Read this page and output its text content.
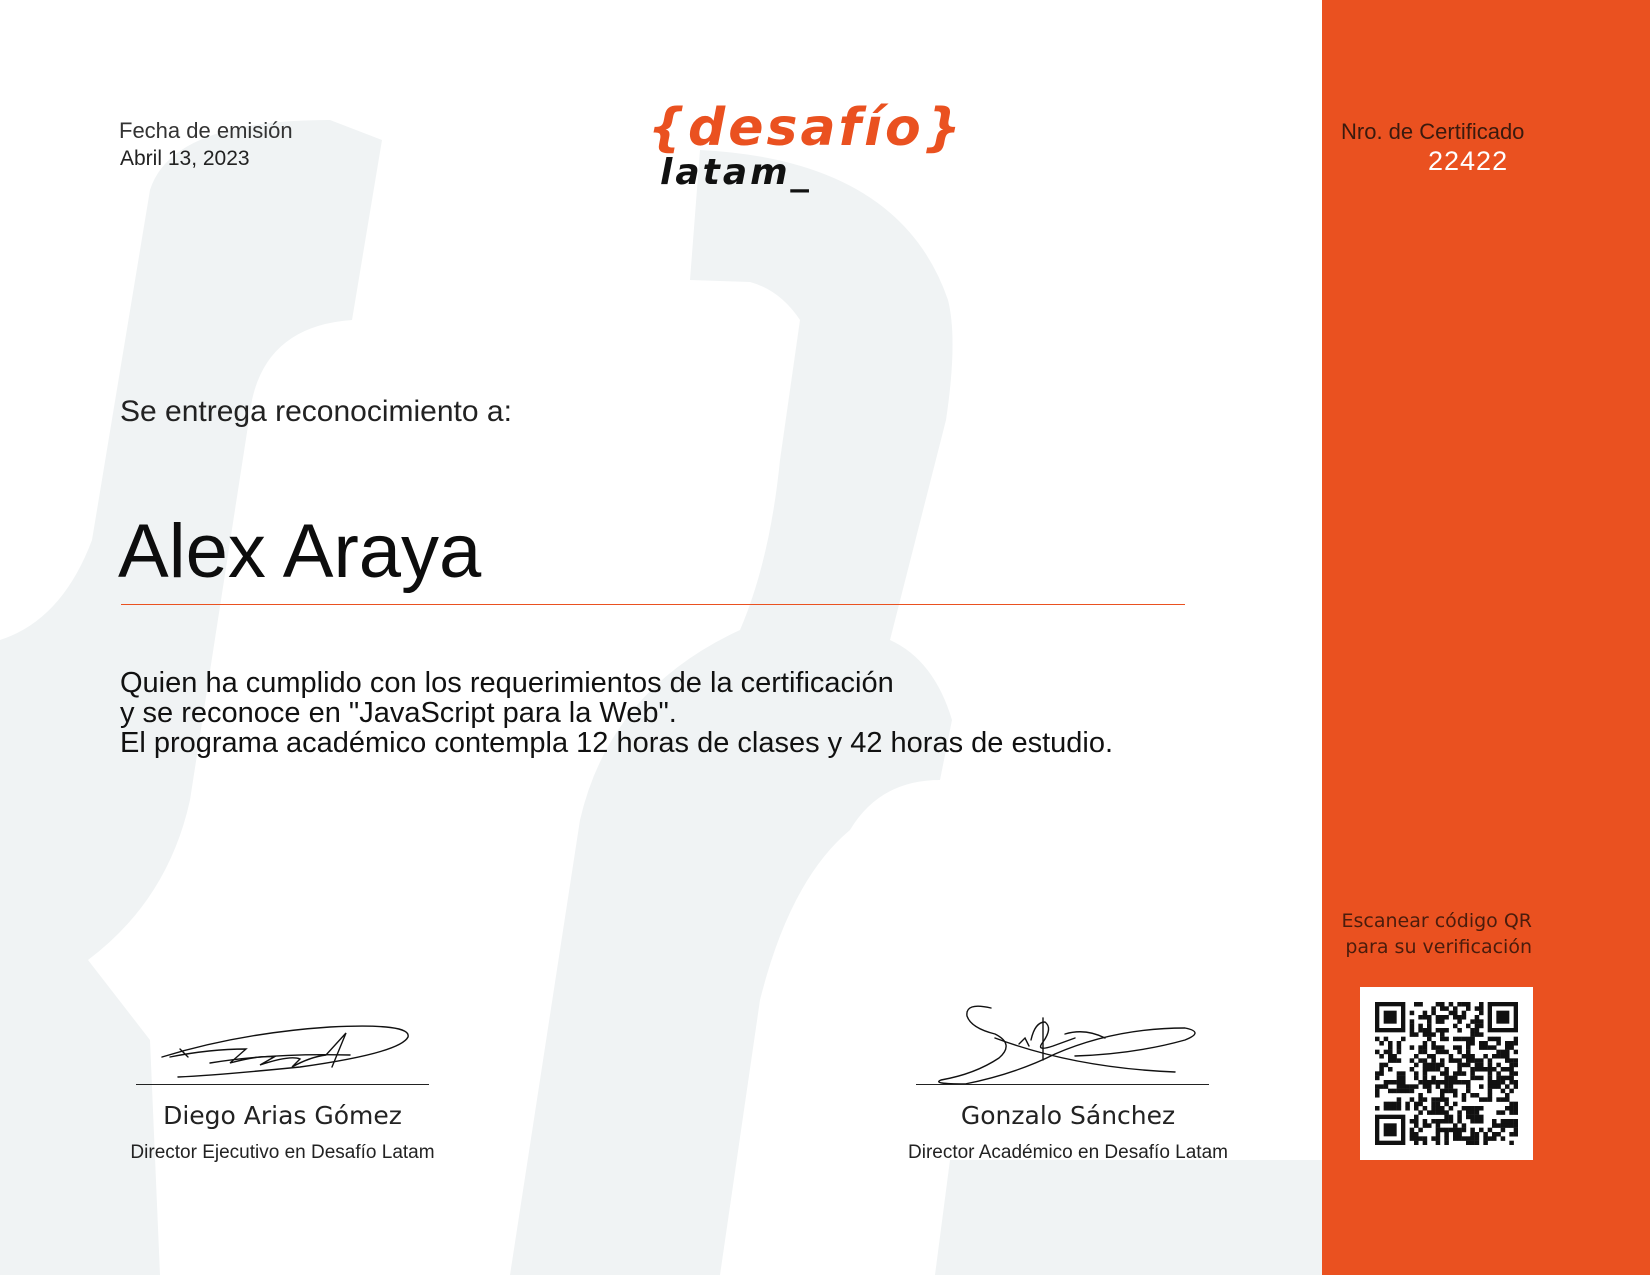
Fecha de emisión
Abril 13, 2023
{desafío}
latam_
Se entrega reconocimiento a:
Alex Araya
Quien ha cumplido con los requerimientos de la certificación
y se reconoce en "JavaScript para la Web".
El programa académico contempla 12 horas de clases y 42 horas de estudio.
Diego Arias Gómez
Director Ejecutivo en Desafío Latam
Gonzalo Sánchez
Director Académico en Desafío Latam
Nro. de Certificado
22422
Escanear código QR
para su verificación
